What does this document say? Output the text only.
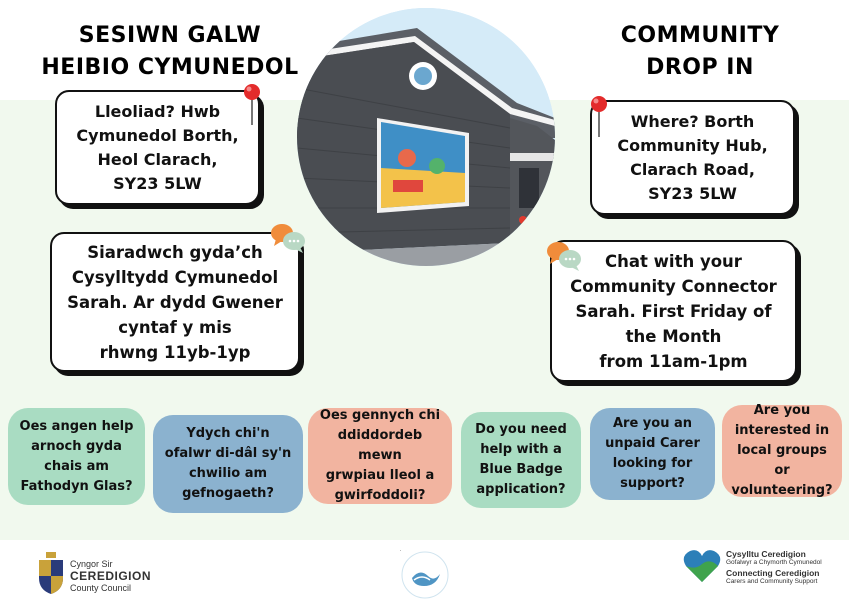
SESIWN GALW
HEIBIO CYMUNEDOL
COMMUNITY
DROP IN
Lleoliad? Hwb
Cymunedol Borth,
Heol Clarach,
SY23 5LW
Where? Borth
Community Hub,
Clarach Road,
SY23 5LW
Siaradwch gyda’ch
Cysylltydd Cymunedol
Sarah. Ar dydd Gwener
cyntaf y mis
rhwng 11yb-1yp
Chat with your
Community Connector
Sarah. First Friday of
the Month
from 11am-1pm
Oes angen help
arnoch gyda
chais am
Fathodyn Glas?
Ydych chi'n
ofalwr di-dâl sy'n
chwilio am
gefnogaeth?
Oes gennych chi
ddiddordeb mewn
grwpiau lleol a
gwirfoddoli?
Do you need
help with a
Blue Badge
application?
Are you an
unpaid Carer
looking for
support?
Are you
interested in
local groups or
volunteering?
Cyngor Sir
CEREDIGION
County Council
Cysylltu Ceredigion
Gofalwyr a Chymorth Cymunedol
Connecting Ceredigion
Carers and Community Support
